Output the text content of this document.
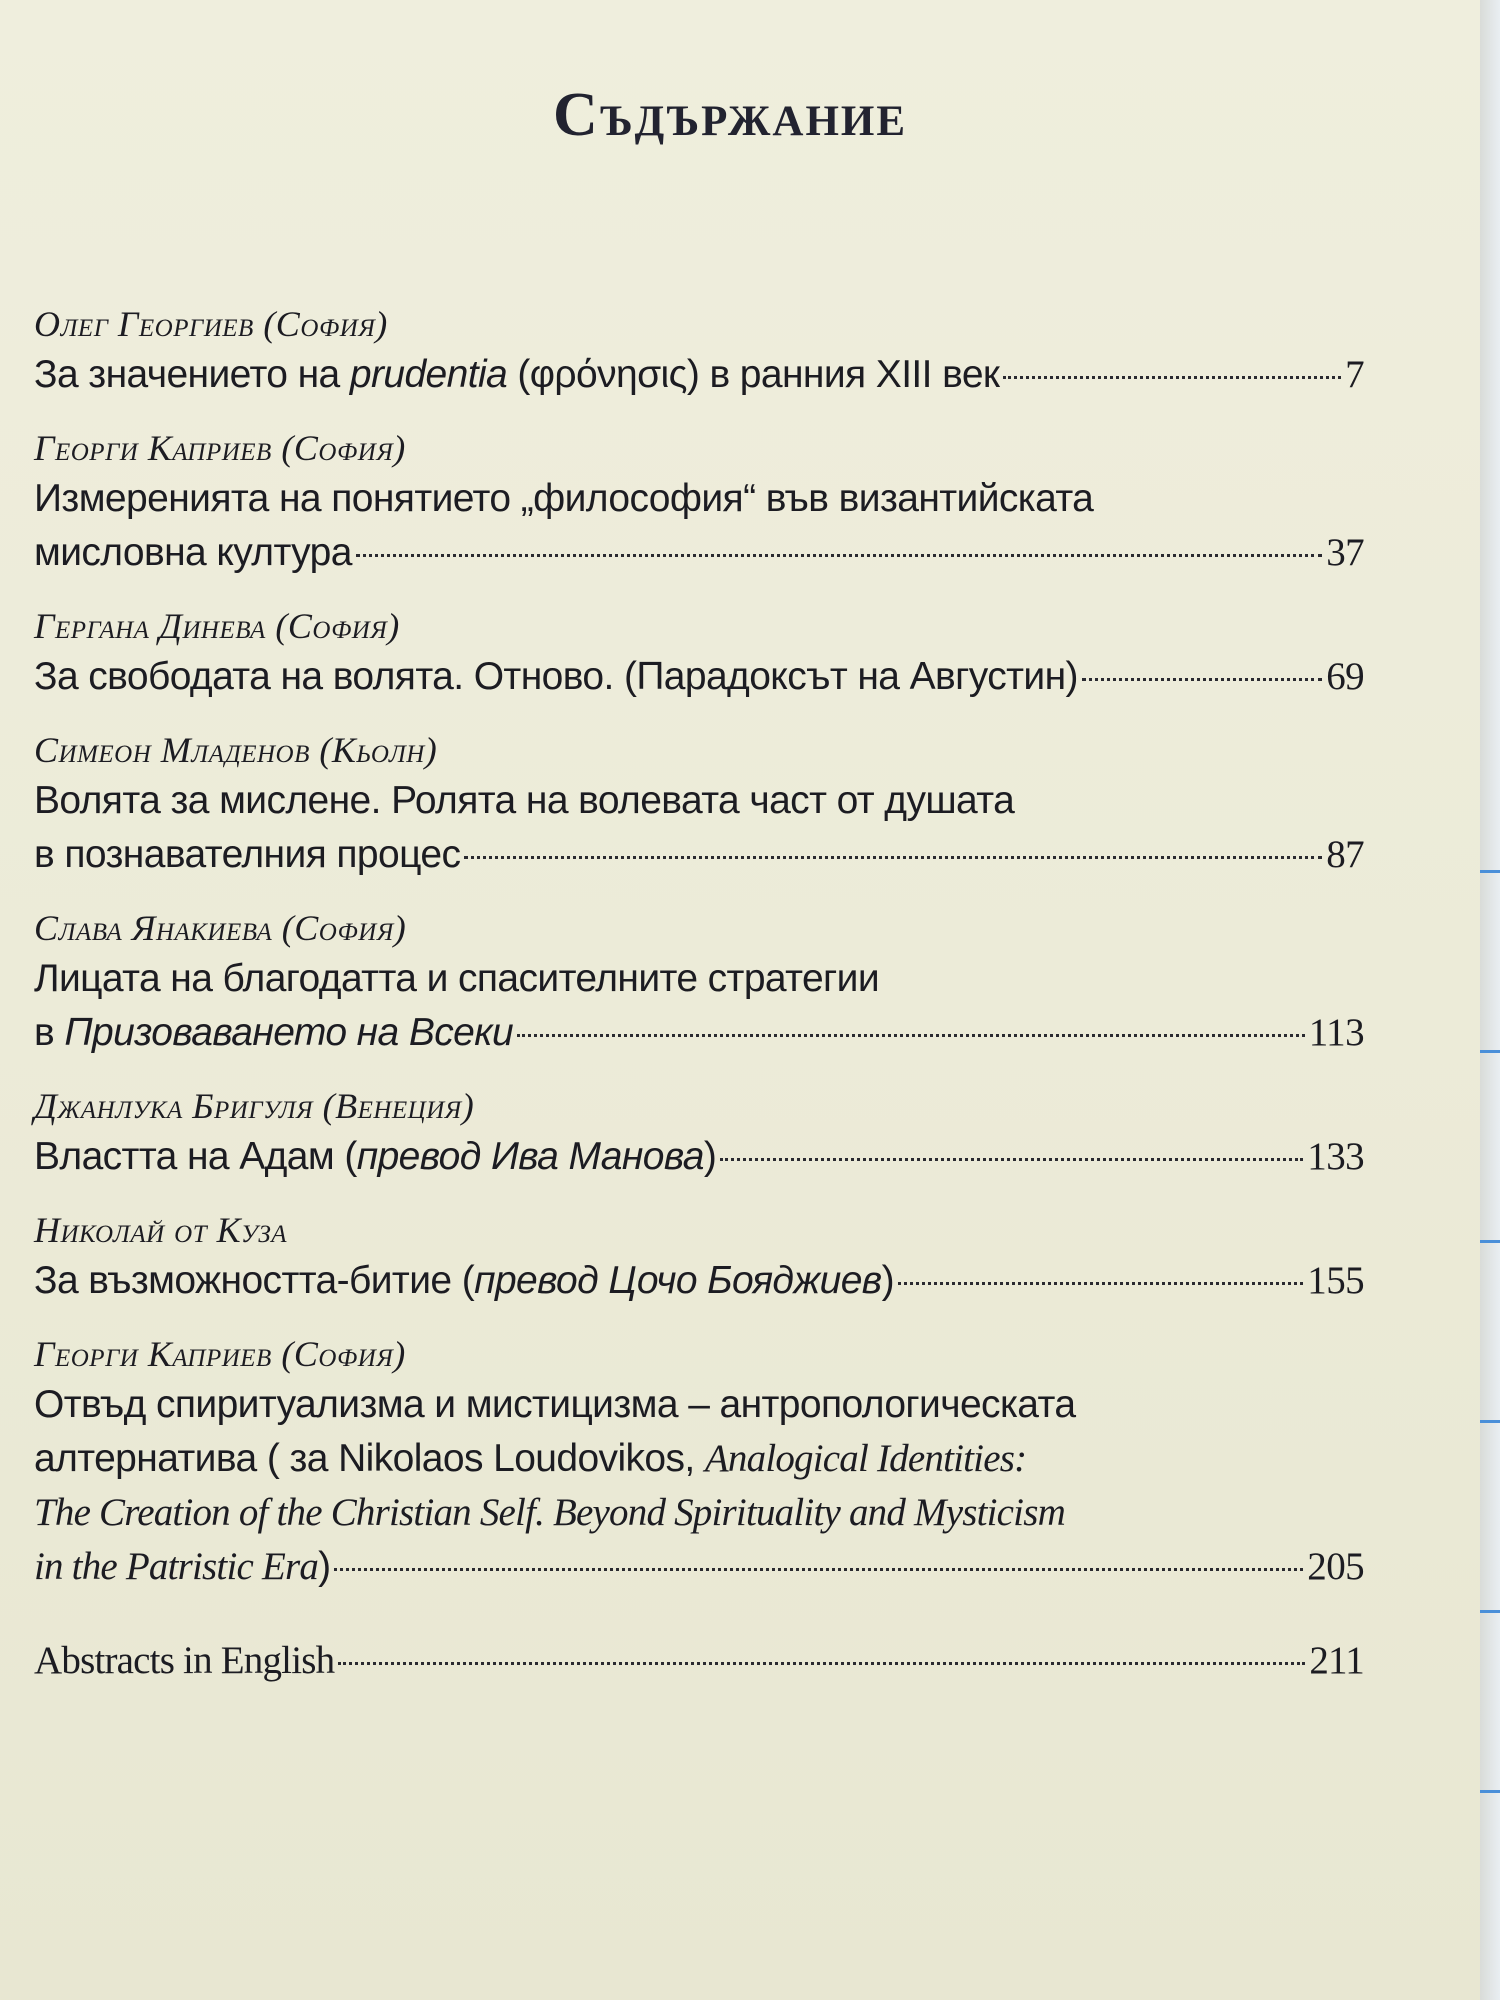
Съдържание
Олег Георгиев (София)
За значението на prudentia (φρόνησις) в ранния XIII век	7
Георги Каприев (София)
Измеренията на понятието „философия“ във византийската
мисловна култура	37
Гергана Динева (София)
За свободата на волята. Отново. (Парадоксът на Августин)	69
Симеон Младенов (Кьолн)
Волята за мислене. Ролята на волевата част от душата
в познавателния процес	87
Слава Янакиева (София)
Лицата на благодатта и спасителните стратегии
в Призоваването на Всеки	113
Джанлука Бригуля (Венеция)
Властта на Адам (превод Ива Манова)	133
Николай от Куза
За възможността-битие (превод Цочо Бояджиев)	155
Георги Каприев (София)
Отвъд спиритуализма и мистицизма – антропологическата
алтернатива ( за Nikolaos Loudovikos, Analogical Identities:
The Creation of the Christian Self. Beyond Spirituality and Mysticism
in the Patristic Era)	205
Abstracts in English	211
